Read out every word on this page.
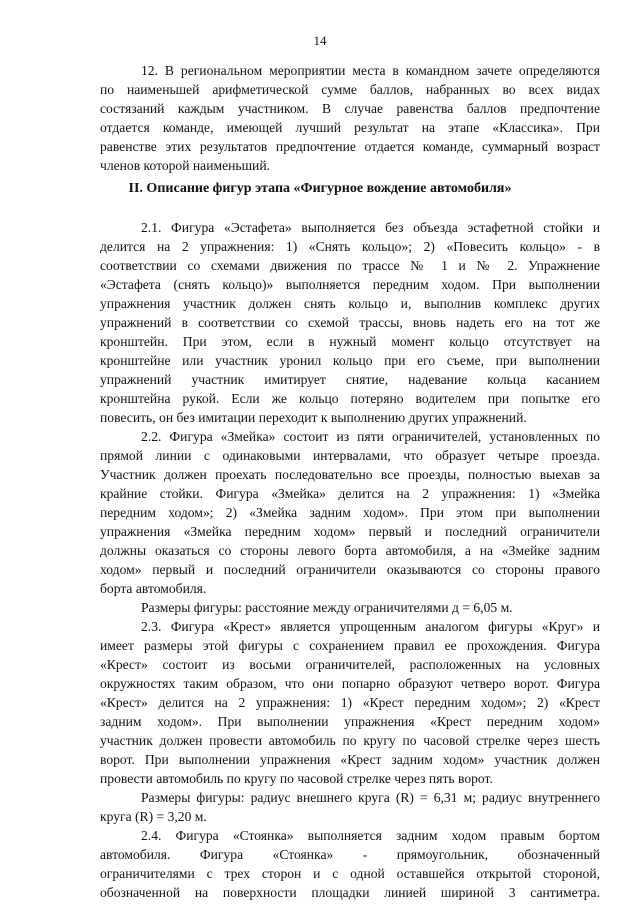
14
12. В региональном мероприятии места в командном зачете определяются
по наименьшей арифметической сумме баллов, набранных во всех видах
состязаний каждым участником. В случае равенства баллов предпочтение
отдается команде, имеющей лучший результат на этапе «Классика». При
равенстве этих результатов предпочтение отдается команде, суммарный возраст
членов которой наименьший.
II. Описание фигур этапа «Фигурное вождение автомобиля»
2.1. Фигура «Эстафета» выполняется без объезда эстафетной стойки и
делится на 2 упражнения: 1) «Снять кольцо»; 2) «Повесить кольцо» - в
соответствии со схемами движения по трассе № 1 и № 2. Упражнение
«Эстафета (снять кольцо)» выполняется передним ходом. При выполнении
упражнения участник должен снять кольцо и, выполнив комплекс других
упражнений в соответствии со схемой трассы, вновь надеть его на тот же
кронштейн. При этом, если в нужный момент кольцо отсутствует на
кронштейне или участник уронил кольцо при его съеме, при выполнении
упражнений участник имитирует снятие, надевание кольца касанием
кронштейна рукой. Если же кольцо потеряно водителем при попытке его
повесить, он без имитации переходит к выполнению других упражнений.
2.2. Фигура «Змейка» состоит из пяти ограничителей, установленных по
прямой линии с одинаковыми интервалами, что образует четыре проезда.
Участник должен проехать последовательно все проезды, полностью выехав за
крайние стойки. Фигура «Змейка» делится на 2 упражнения: 1) «Змейка
передним ходом»; 2) «Змейка задним ходом». При этом при выполнении
упражнения «Змейка передним ходом» первый и последний ограничители
должны оказаться со стороны левого борта автомобиля, а на «Змейке задним
ходом» первый и последний ограничители оказываются со стороны правого
борта автомобиля.
Размеры фигуры: расстояние между ограничителями д = 6,05 м.
2.3. Фигура «Крест» является упрощенным аналогом фигуры «Круг» и
имеет размеры этой фигуры с сохранением правил ее прохождения. Фигура
«Крест» состоит из восьми ограничителей, расположенных на условных
окружностях таким образом, что они попарно образуют четверо ворот. Фигура
«Крест» делится на 2 упражнения: 1) «Крест передним ходом»; 2) «Крест
задним ходом». При выполнении упражнения «Крест передним ходом»
участник должен провести автомобиль по кругу по часовой стрелке через шесть
ворот. При выполнении упражнения «Крест задним ходом» участник должен
провести автомобиль по кругу по часовой стрелке через пять ворот.
Размеры фигуры: радиус внешнего круга (R) = 6,31 м; радиус внутреннего
круга (R) = 3,20 м.
2.4. Фигура «Стоянка» выполняется задним ходом правым бортом
автомобиля. Фигура «Стоянка» - прямоугольник, обозначенный
ограничителями с трех сторон и с одной оставшейся открытой стороной,
обозначенной на поверхности площадки линией шириной 3 сантиметра.
